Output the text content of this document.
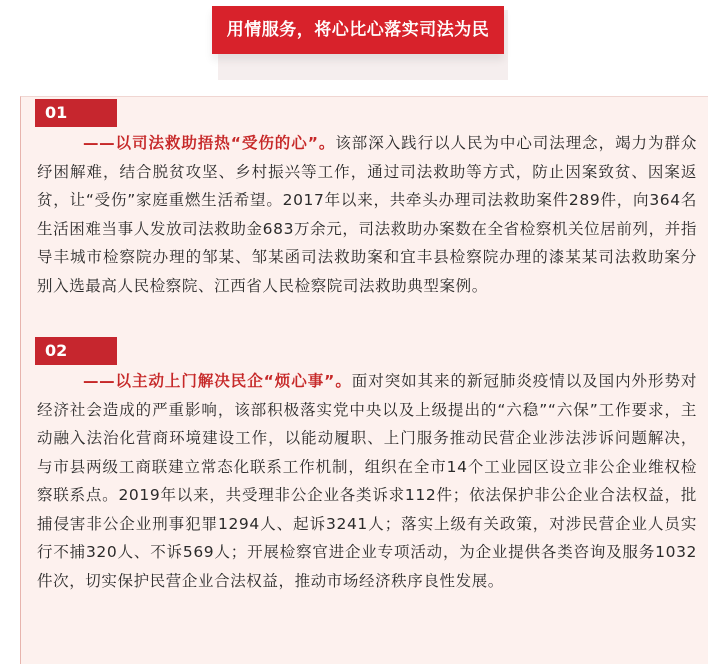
用情服务，将心比心落实司法为民
01
——以司法救助捂热“受伤的心”。该部深入践行以人民为中心司法理念，竭力为群众纾困解难，结合脱贫攻坚、乡村振兴等工作，通过司法救助等方式，防止因案致贫、因案返贫，让“受伤”家庭重燃生活希望。2017年以来，共牵头办理司法救助案件289件，向364名生活困难当事人发放司法救助金683万余元，司法救助办案数在全省检察机关位居前列，并指导丰城市检察院办理的邹某、邹某函司法救助案和宜丰县检察院办理的漆某某司法救助案分别入选最高人民检察院、江西省人民检察院司法救助典型案例。
02
——以主动上门解决民企“烦心事”。面对突如其来的新冠肺炎疫情以及国内外形势对经济社会造成的严重影响，该部积极落实党中央以及上级提出的“六稳”“六保”工作要求，主动融入法治化营商环境建设工作，以能动履职、上门服务推动民营企业涉法涉诉问题解决，与市县两级工商联建立常态化联系工作机制，组织在全市14个工业园区设立非公企业维权检察联系点。2019年以来，共受理非公企业各类诉求112件；依法保护非公企业合法权益，批捕侵害非公企业刑事犯罪1294人、起诉3241人；落实上级有关政策，对涉民营企业人员实行不捕320人、不诉569人；开展检察官进企业专项活动，为企业提供各类咨询及服务1032件次，切实保护民营企业合法权益，推动市场经济秩序良性发展。
